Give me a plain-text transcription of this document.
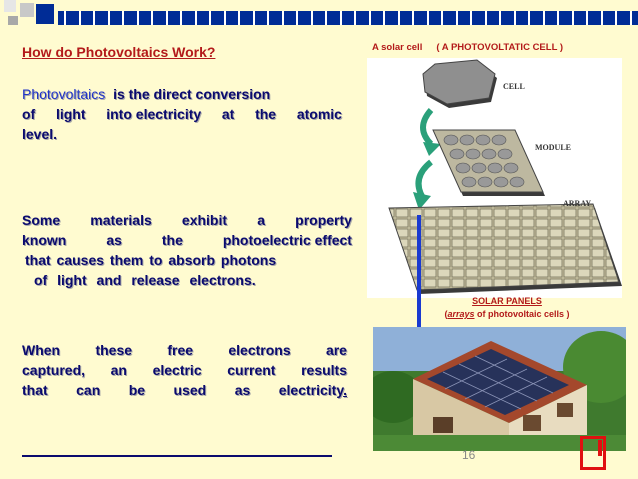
How do Photovoltaics Work?
Photovoltaics is the direct conversion
of light into electricity at the atomic
level.
Some materials exhibit a property
known	as	the	photoelectric effect
that causes them to absorb photons
of light and release electrons.
When	these	free	electrons	are
captured, an electric current results
that can be used as electricity.
A solar cell ( A PHOTOVOLTATIC CELL )
CELL
MODULE
ARRAY
SOLAR PANELS
(arrays of photovoltaic cells )
16
